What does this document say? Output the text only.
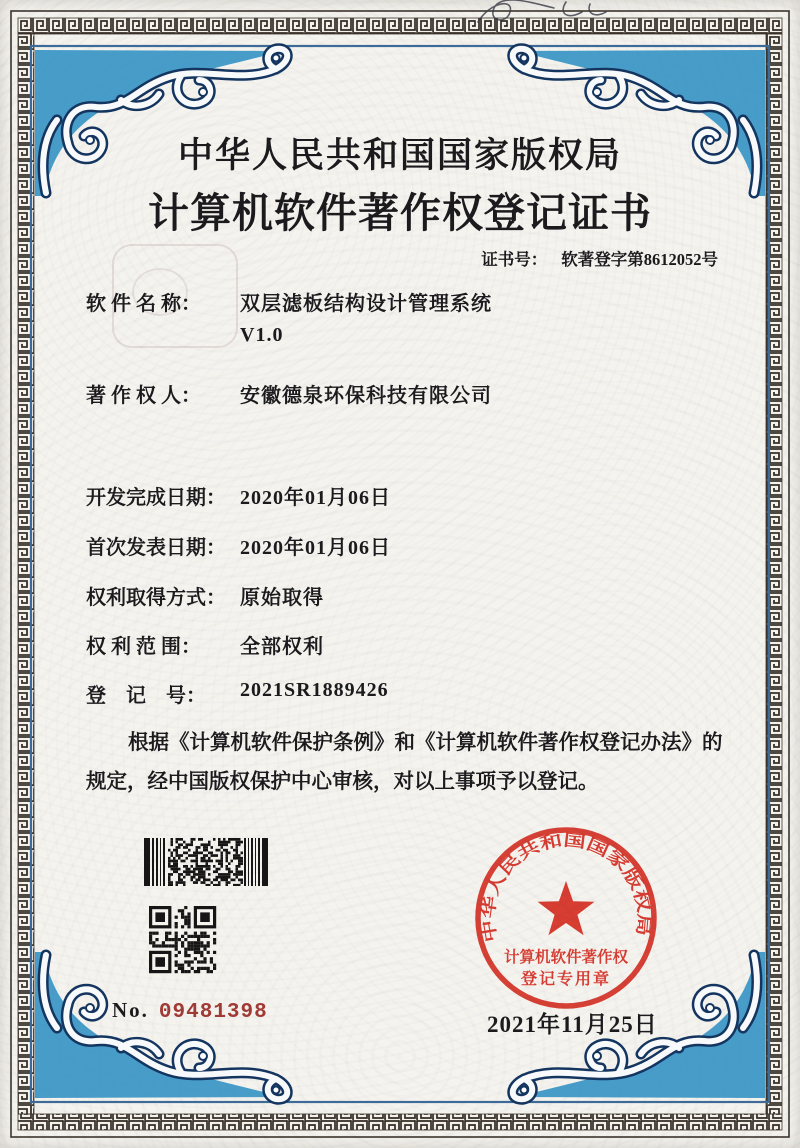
中华人民共和国国家版权局
计算机软件著作权登记证书
证书号： 软著登字第8612052号
软 件 名 称：	双层滤板结构设计管理系统
V1.0
著 作 权 人：	安徽德泉环保科技有限公司
开发完成日期： 2020年01月06日
首次发表日期： 2020年01月06日
权利取得方式： 原始取得
权 利 范 围：	全部权利
登　记　号：	2021SR1889426

根据《计算机软件保护条例》和《计算机软件著作权登记办法》的
规定，经中国版权保护中心审核，对以上事项予以登记。

No. 09481398
中华人民共和国国家版权局
计算机软件著作权
登记专用章
2021年11月25日
